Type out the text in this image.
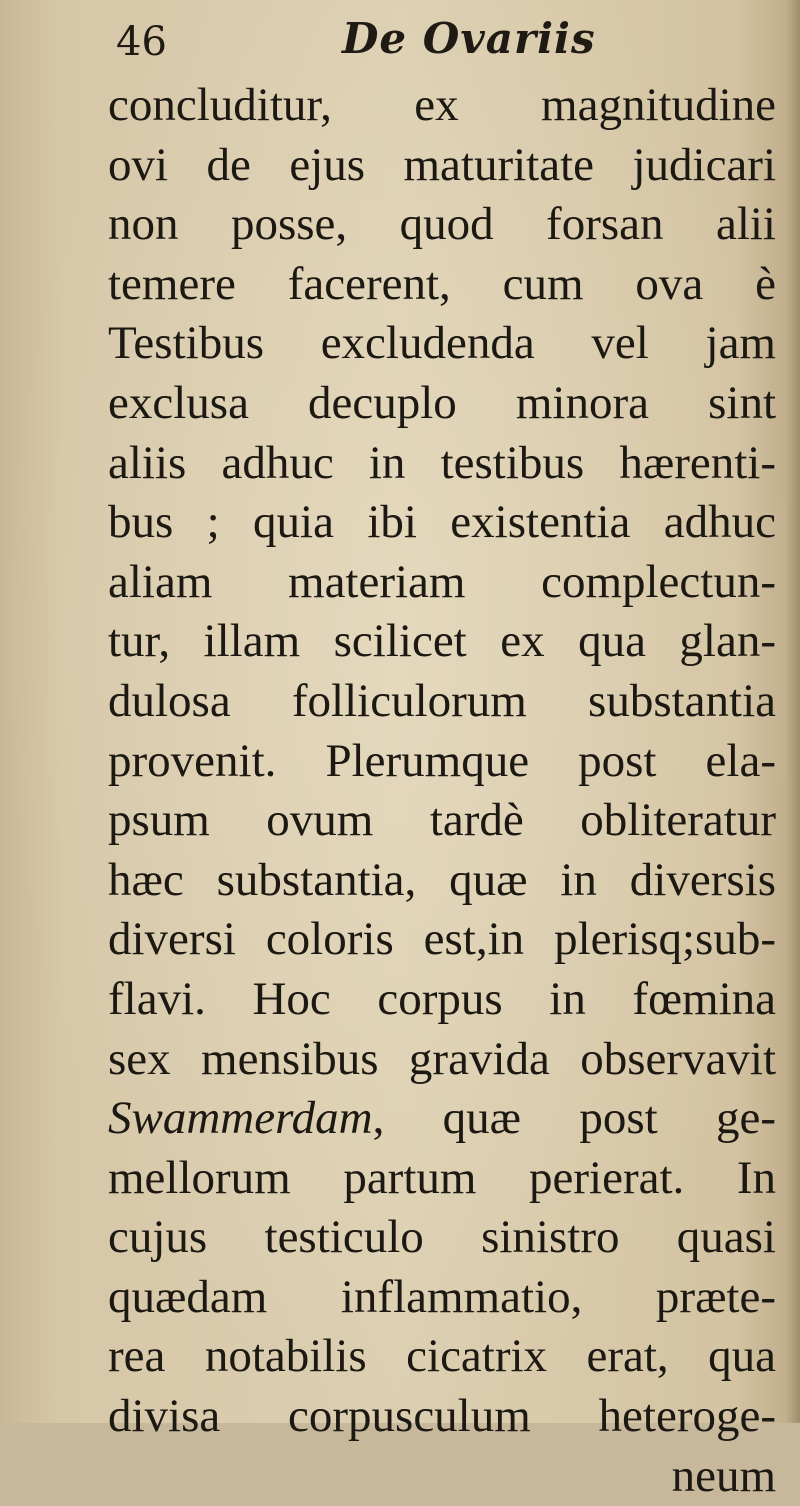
46	De Ovariis
concluditur, ex magnitudine
ovi de ejus maturitate judicari
non posse, quod forsan alii
temere facerent, cum ova è
Testibus excludenda vel jam
exclusa decuplo minora sint
aliis adhuc in testibus hærenti-
bus ; quia ibi existentia adhuc
aliam materiam complectun-
tur, illam scilicet ex qua glan-
dulosa folliculorum substantia
provenit. Plerumque post ela-
psum ovum tardè obliteratur
hæc substantia, quæ in diversis
diversi coloris est,in plerisq;sub-
flavi. Hoc corpus in fœmina
sex mensibus gravida observavit
Swammerdam, quæ post ge-
mellorum partum perierat. In
cujus testiculo sinistro quasi
quædam inflammatio, præte-
rea notabilis cicatrix erat, qua
divisa corpusculum heteroge-
neum
